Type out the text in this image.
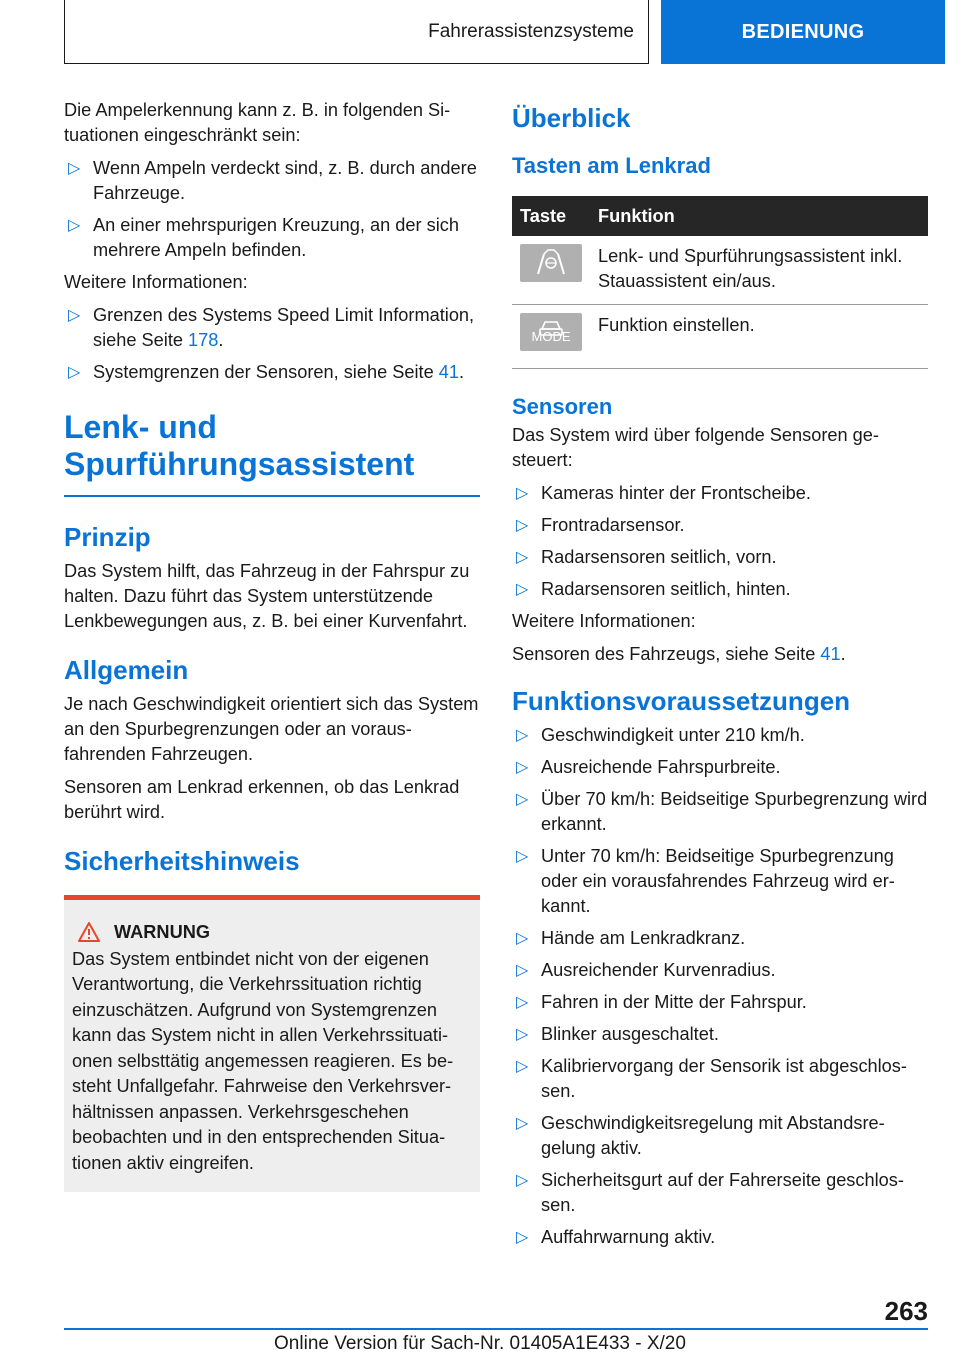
Fahrerassistenzsysteme	BEDIENUNG

Die Ampelerkennung kann z. B. in folgenden Situationen eingeschränkt sein:

▷ Wenn Ampeln verdeckt sind, z. B. durch andere Fahrzeuge.
▷ An einer mehrspurigen Kreuzung, an der sich mehrere Ampeln befinden.

Weitere Informationen:

▷ Grenzen des Systems Speed Limit Information, siehe Seite 178.
▷ Systemgrenzen der Sensoren, siehe Seite 41.
Lenk- und Spurführungsassistent
Prinzip

Das System hilft, das Fahrzeug in der Fahrspur zu halten. Dazu führt das System unterstützende Lenkbewegungen aus, z. B. bei einer Kurvenfahrt.

Allgemein

Je nach Geschwindigkeit orientiert sich das System an den Spurbegrenzungen oder an vorausfahrenden Fahrzeugen.

Sensoren am Lenkrad erkennen, ob das Lenkrad berührt wird.

Sicherheitshinweis
WARNUNG

Das System entbindet nicht von der eigenen Verantwortung, die Verkehrssituation richtig einzuschätzen. Aufgrund von Systemgrenzen kann das System nicht in allen Verkehrssituationen selbsttätig angemessen reagieren. Es besteht Unfallgefahr. Fahrweise den Verkehrsverhältnissen anpassen. Verkehrsgeschehen beobachten und in den entsprechenden Situationen aktiv eingreifen.

Überblick
Tasten am Lenkrad
Taste	Funktion

	Lenk- und Spurführungsassistent inkl. Stauassistent ein/aus.

MODE	Funktion einstellen.
Sensoren

Das System wird über folgende Sensoren gesteuert:

▷ Kameras hinter der Frontscheibe.
▷ Frontradarsensor.
▷ Radarsensoren seitlich, vorn.
▷ Radarsensoren seitlich, hinten.

Weitere Informationen:

Sensoren des Fahrzeugs, siehe Seite 41.

Funktionsvoraussetzungen
▷ Geschwindigkeit unter 210 km/h.
▷ Ausreichende Fahrspurbreite.
▷ Über 70 km/h: Beidseitige Spurbegrenzung wird erkannt.
▷ Unter 70 km/h: Beidseitige Spurbegrenzung oder ein vorausfahrendes Fahrzeug wird erkannt.
▷ Hände am Lenkradkranz.
▷ Ausreichender Kurvenradius.
▷ Fahren in der Mitte der Fahrspur.
▷ Blinker ausgeschaltet.
▷ Kalibriervorgang der Sensorik ist abgeschlossen.
▷ Geschwindigkeitsregelung mit Abstandsregelung aktiv.
▷ Sicherheitsgurt auf der Fahrerseite geschlossen.
▷ Auffahrwarnung aktiv.
263
Online Version für Sach-Nr. 01405A1E433 - X/20
